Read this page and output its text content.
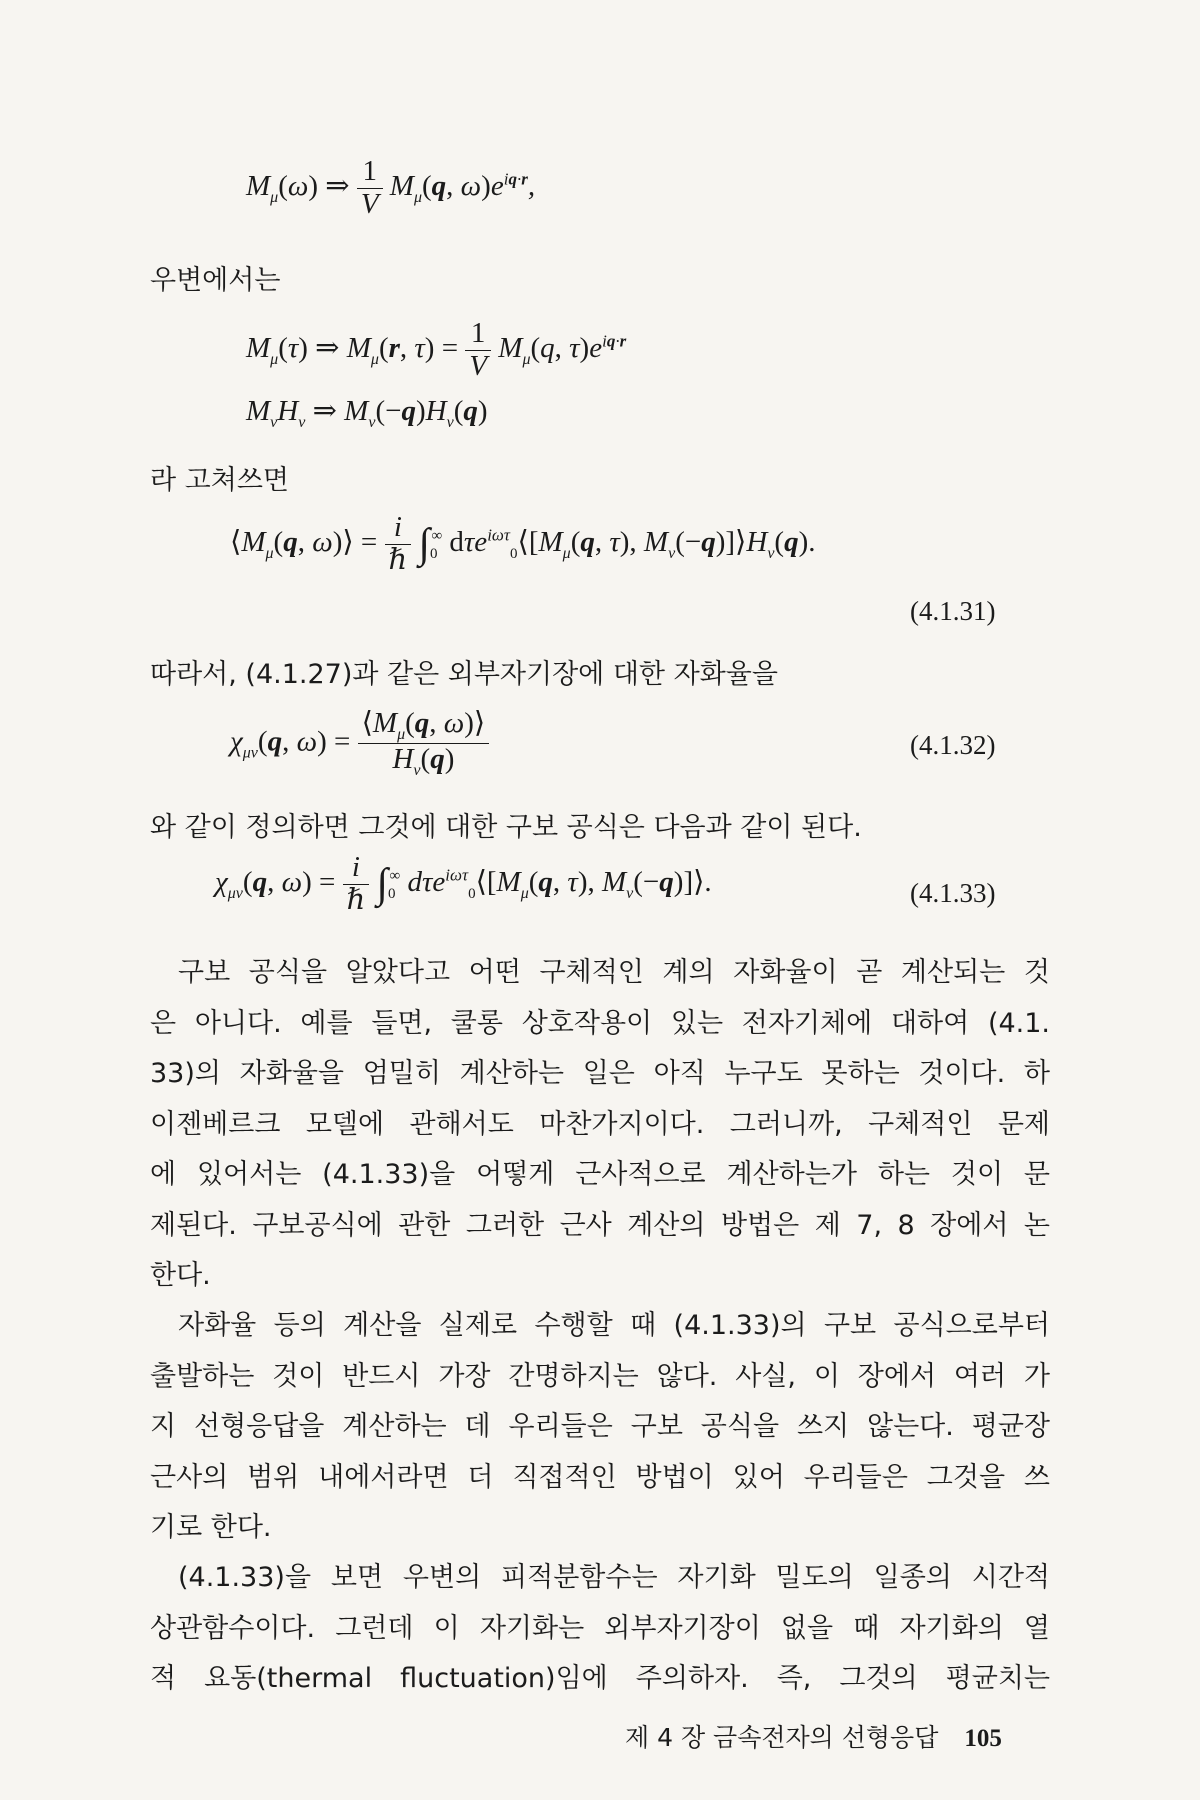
$M_\mu(\omega)$ ⇒ $\frac{1}{V} M_\mu(q$, $\omega)e^{iq\cdot r}$,
우변에서는
$M_\mu(\tau)$ ⇒ $M_\mu(r$, $\tau) = \frac{1}{V} M_\mu(q$, $\tau)e^{iq\cdot r}$
$M_\nu H_\nu$ ⇒ $M_\nu(-q)H_\nu(q)$
라 고쳐쓰면
$⟨M_\mu(q$, ω)⟩ = $\frac{i}{\text{ℏ}} \int_0^\infty$ $d\tau e^{i\omega\tau}_0⟨[M_\mu(q$, τ), $M_\nu(-q)]⟩H_\nu(q)$.
(4.1.31)
따라서, (4.1.27)과 같은 외부자기장에 대한 자화율을
$\chi_{\mu\nu}(q$, $\omega) = \frac{⟨M_\mu(q, \omega)⟩}{H_\nu(q)}$	(4.1.32)
와 같이 정의하면 그것에 대한 구보 공식은 다음과 같이 된다.
$\chi_{\mu\nu}(q$, $\omega) = \frac{i}{\text{ℏ}} \int_0^\infty$ $d\tau e^{i\omega\tau}_0⟨[M_\mu(q$, τ), $M_\nu(-q)]⟩$.	(4.1.33)
구보 공식을 알았다고 어떤 구체적인 계의 자화율이 곧 계산되는 것
은 아니다. 예를 들면, 쿨롱 상호작용이 있는 전자기체에 대하여 (4.1.
33)의 자화율을 엄밀히 계산하는 일은 아직 누구도 못하는 것이다. 하
이젠베르크 모델에 관해서도 마찬가지이다. 그러니까, 구체적인 문제
에 있어서는 (4.1.33)을 어떻게 근사적으로 계산하는가 하는 것이 문
제된다. 구보공식에 관한 그러한 근사 계산의 방법은 제 7, 8 장에서 논
한다.
자화율 등의 계산을 실제로 수행할 때 (4.1.33)의 구보 공식으로부터
출발하는 것이 반드시 가장 간명하지는 않다. 사실, 이 장에서 여러 가
지 선형응답을 계산하는 데 우리들은 구보 공식을 쓰지 않는다. 평균장
근사의 범위 내에서라면 더 직접적인 방법이 있어 우리들은 그것을 쓰
기로 한다.
(4.1.33)을 보면 우변의 피적분함수는 자기화 밀도의 일종의 시간적
상관함수이다. 그런데 이 자기화는 외부자기장이 없을 때 자기화의 열
적 요동(thermal fluctuation)임에 주의하자. 즉, 그것의 평균치는
제 4 장 금속전자의 선형응답 105
